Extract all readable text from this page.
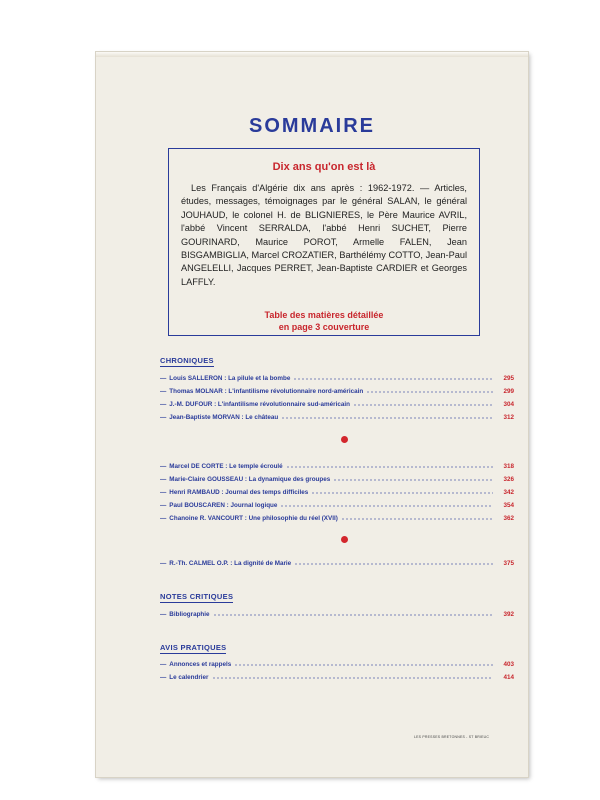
SOMMAIRE
Dix ans qu'on est là
Les Français d'Algérie dix ans après : 1962-1972. — Articles, études, messages, témoignages par le général SALAN, le général JOUHAUD, le colonel H. de BLIGNIERES, le Père Maurice AVRIL, l'abbé Vincent SERRALDA, l'abbé Henri SUCHET, Pierre GOURINARD, Maurice POROT, Armelle FALEN, Jean BISGAMBIGLIA, Marcel CROZATIER, Barthélémy COTTO, Jean-Paul ANGELELLI, Jacques PERRET, Jean-Baptiste CARDIER et Georges LAFFLY.
Table des matières détaillée
en page 3 couverture
CHRONIQUES
— Louis SALLERON : La pilule et la bombe	295
— Thomas MOLNAR : L'infantilisme révolutionnaire nord-américain	299
— J.-M. DUFOUR : L'infantilisme révolutionnaire sud-américain	304
— Jean-Baptiste MORVAN : Le château	312
— Marcel DE CORTE : Le temple écroulé	318
— Marie-Claire GOUSSEAU : La dynamique des groupes	326
— Henri RAMBAUD : Journal des temps difficiles	342
— Paul BOUSCAREN : Journal logique	354
— Chanoine R. VANCOURT : Une philosophie du réel (XVII)	362
— R.-Th. CALMEL O.P. : La dignité de Marie	375
NOTES CRITIQUES
— Bibliographie	392
AVIS PRATIQUES
— Annonces et rappels	403
— Le calendrier	414
LES PRESSES BRETONNES - ST BRIEUC
